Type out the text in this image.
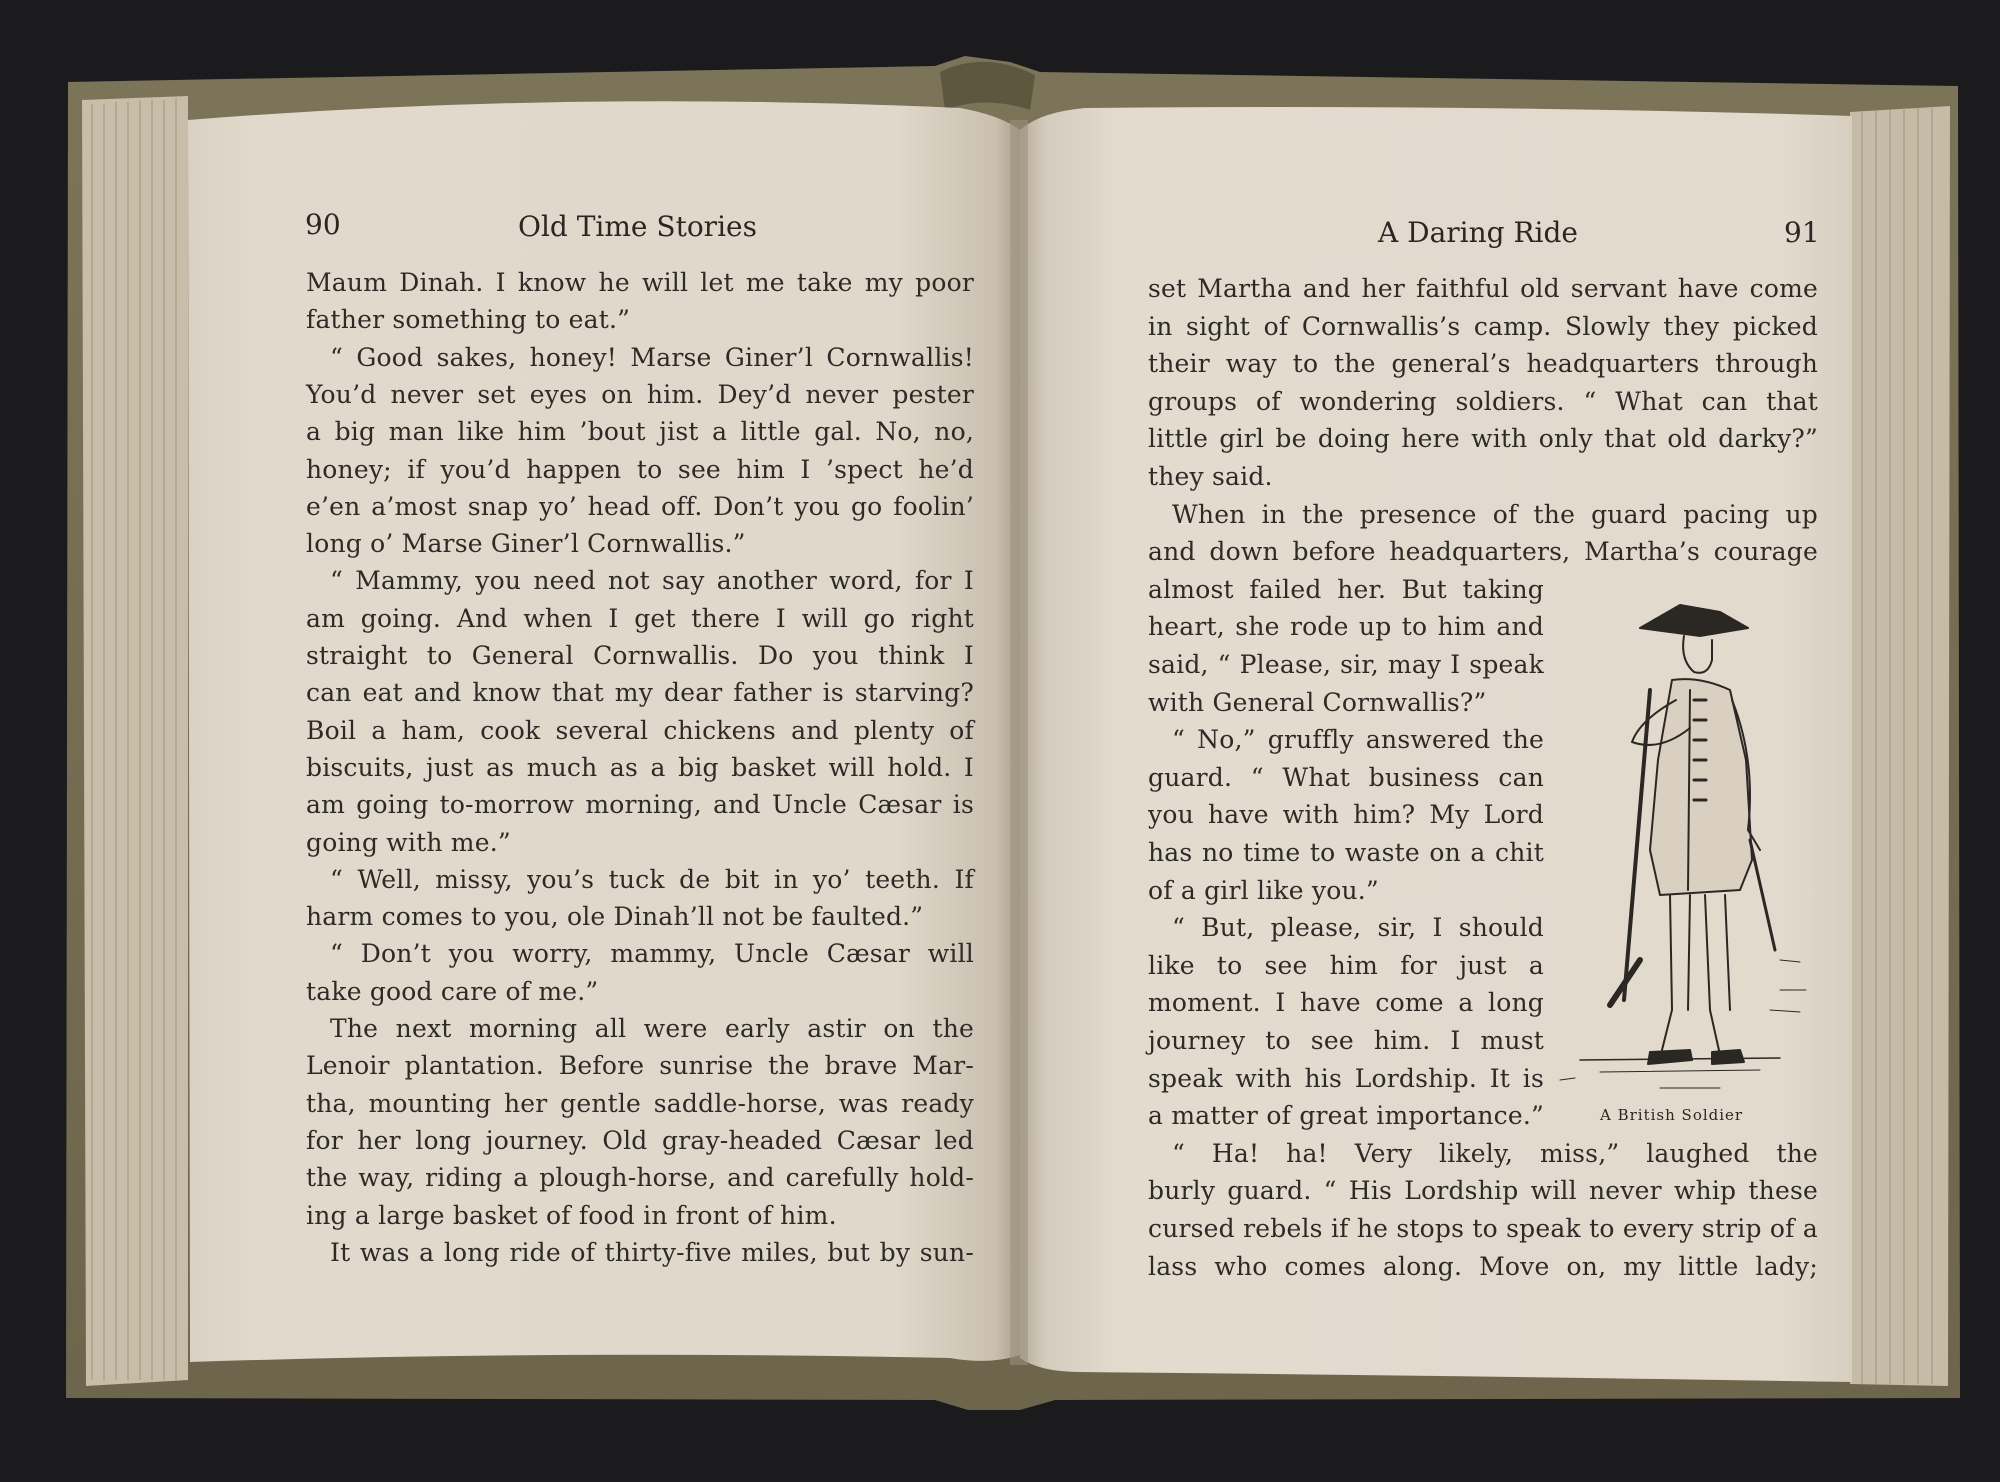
90	Old Time Stories	A Daring Ride	91
Maum Dinah. I know he will let me take my poor
father something to eat.”
“ Good sakes, honey! Marse Giner’l Cornwallis!
You’d never set eyes on him. Dey’d never pester
a big man like him ’bout jist a little gal. No, no,
honey; if you’d happen to see him I ’spect he’d
e’en a’most snap yo’ head off. Don’t you go foolin’
long o’ Marse Giner’l Cornwallis.”
“ Mammy, you need not say another word, for I
am going. And when I get there I will go right
straight to General Cornwallis. Do you think I
can eat and know that my dear father is starving?
Boil a ham, cook several chickens and plenty of
biscuits, just as much as a big basket will hold. I
am going to-morrow morning, and Uncle Cæsar is
going with me.”
“ Well, missy, you’s tuck de bit in yo’ teeth. If
harm comes to you, ole Dinah’ll not be faulted.”
“ Don’t you worry, mammy, Uncle Cæsar will
take good care of me.”
The next morning all were early astir on the
Lenoir plantation. Before sunrise the brave Mar-
tha, mounting her gentle saddle-horse, was ready
for her long journey. Old gray-headed Cæsar led
the way, riding a plough-horse, and carefully hold-
ing a large basket of food in front of him.
It was a long ride of thirty-five miles, but by sun-
set Martha and her faithful old servant have come
in sight of Cornwallis’s camp. Slowly they picked
their way to the general’s headquarters through
groups of wondering soldiers. “ What can that
little girl be doing here with only that old darky?”
they said.
When in the presence of the guard pacing up
and down before headquarters, Martha’s courage
almost failed her. But taking
heart, she rode up to him and
said, “ Please, sir, may I speak
with General Cornwallis?”
“ No,” gruffly answered the
guard. “ What business can
you have with him? My Lord
has no time to waste on a chit
of a girl like you.”
“ But, please, sir, I should
like to see him for just a
moment. I have come a long
journey to see him. I must
speak with his Lordship. It is
a matter of great importance.”
“ Ha! ha! Very likely, miss,” laughed the
burly guard. “ His Lordship will never whip these
cursed rebels if he stops to speak to every strip of a
lass who comes along. Move on, my little lady;
A British Soldier
